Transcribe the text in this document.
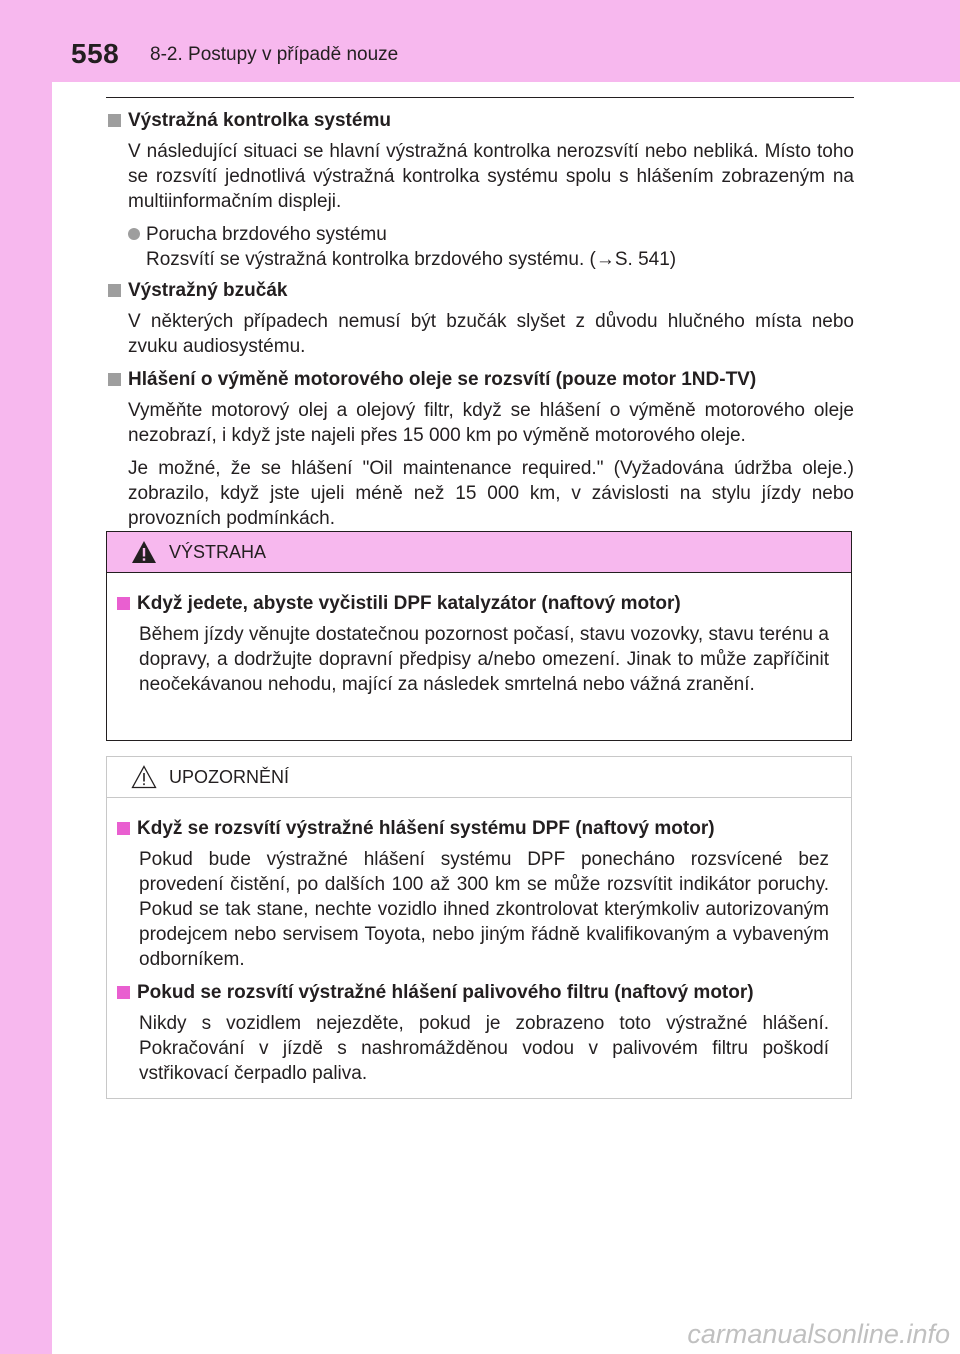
558 8-2. Postupy v případě nouze
Výstražná kontrolka systému
V následující situaci se hlavní výstražná kontrolka nerozsvítí nebo nebliká. Místo toho se rozsvítí jednotlivá výstražná kontrolka systému spolu s hlášením zobrazeným na multiinformačním displeji.
Porucha brzdového systému
Rozsvítí se výstražná kontrolka brzdového systému. (→S. 541)
Výstražný bzučák
V některých případech nemusí být bzučák slyšet z důvodu hlučného místa nebo zvuku audiosystému.
Hlášení o výměně motorového oleje se rozsvítí (pouze motor 1ND-TV)
Vyměňte motorový olej a olejový filtr, když se hlášení o výměně motorového oleje nezobrazí, i když jste najeli přes 15 000 km po výměně motorového oleje.
Je možné, že se hlášení "Oil maintenance required." (Vyžadována údržba oleje.) zobrazilo, když jste ujeli méně než 15 000 km, v závislosti na stylu jízdy nebo provozních podmínkách.
VÝSTRAHA
Když jedete, abyste vyčistili DPF katalyzátor (naftový motor)
Během jízdy věnujte dostatečnou pozornost počasí, stavu vozovky, stavu terénu a dopravy, a dodržujte dopravní předpisy a/nebo omezení. Jinak to může zapříčinit neočekávanou nehodu, mající za následek smrtelná nebo vážná zranění.
UPOZORNĚNÍ
Když se rozsvítí výstražné hlášení systému DPF (naftový motor)
Pokud bude výstražné hlášení systému DPF ponecháno rozsvícené bez provedení čistění, po dalších 100 až 300 km se může rozsvítit indikátor poruchy. Pokud se tak stane, nechte vozidlo ihned zkontrolovat kterýmkoliv autorizovaným prodejcem nebo servisem Toyota, nebo jiným řádně kvalifikovaným a vybaveným odborníkem.
Pokud se rozsvítí výstražné hlášení palivového filtru (naftový motor)
Nikdy s vozidlem nejezděte, pokud je zobrazeno toto výstražné hlášení. Pokračování v jízdě s nashromážděnou vodou v palivovém filtru poškodí vstřikovací čerpadlo paliva.
carmanualsonline.info
